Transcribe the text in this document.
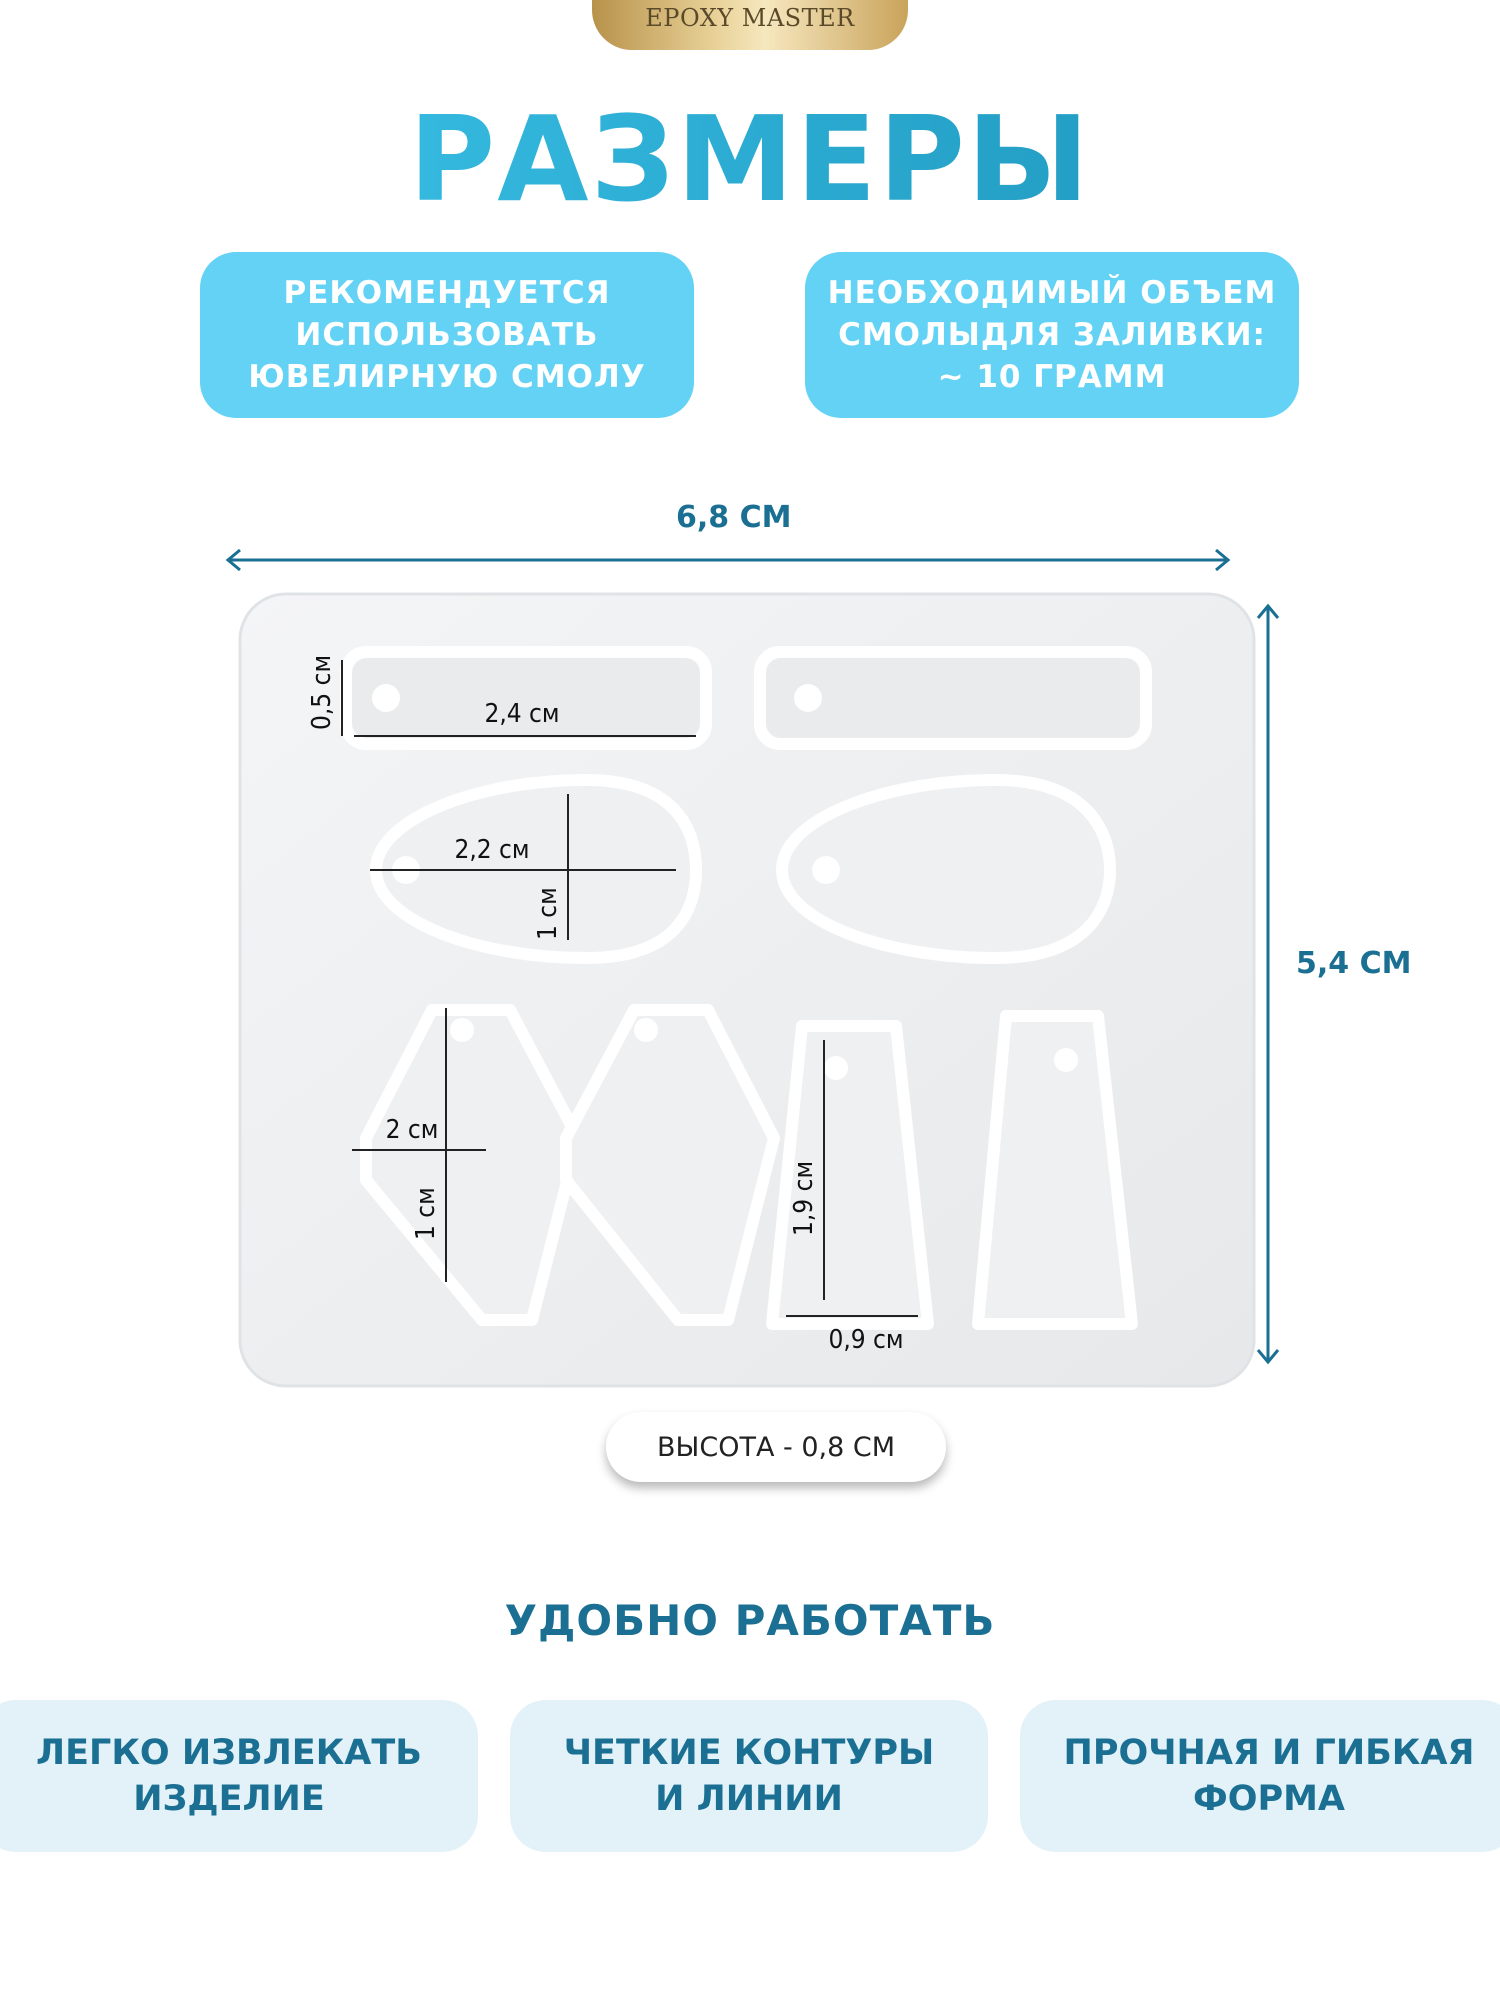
EPOXY MASTER
РАЗМЕРЫ
РЕКОМЕНДУЕТСЯ
ИСПОЛЬЗОВАТЬ
ЮВЕЛИРНУЮ СМОЛУ
НЕОБХОДИМЫЙ ОБЪЕМ
СМОЛЫДЛЯ ЗАЛИВКИ:
~ 10 ГРАММ
6,8 СМ
5,4 СМ
0,5 см	2,4 см
2,2 см
1 см
2 см
1 см	1,9 см
0,9 см
ВЫСОТА - 0,8 СМ
УДОБНО РАБОТАТЬ
ЛЕГКО ИЗВЛЕКАТЬ
ИЗДЕЛИЕ
ЧЕТКИЕ КОНТУРЫ
И ЛИНИИ
ПРОЧНАЯ И ГИБКАЯ
ФОРМА
